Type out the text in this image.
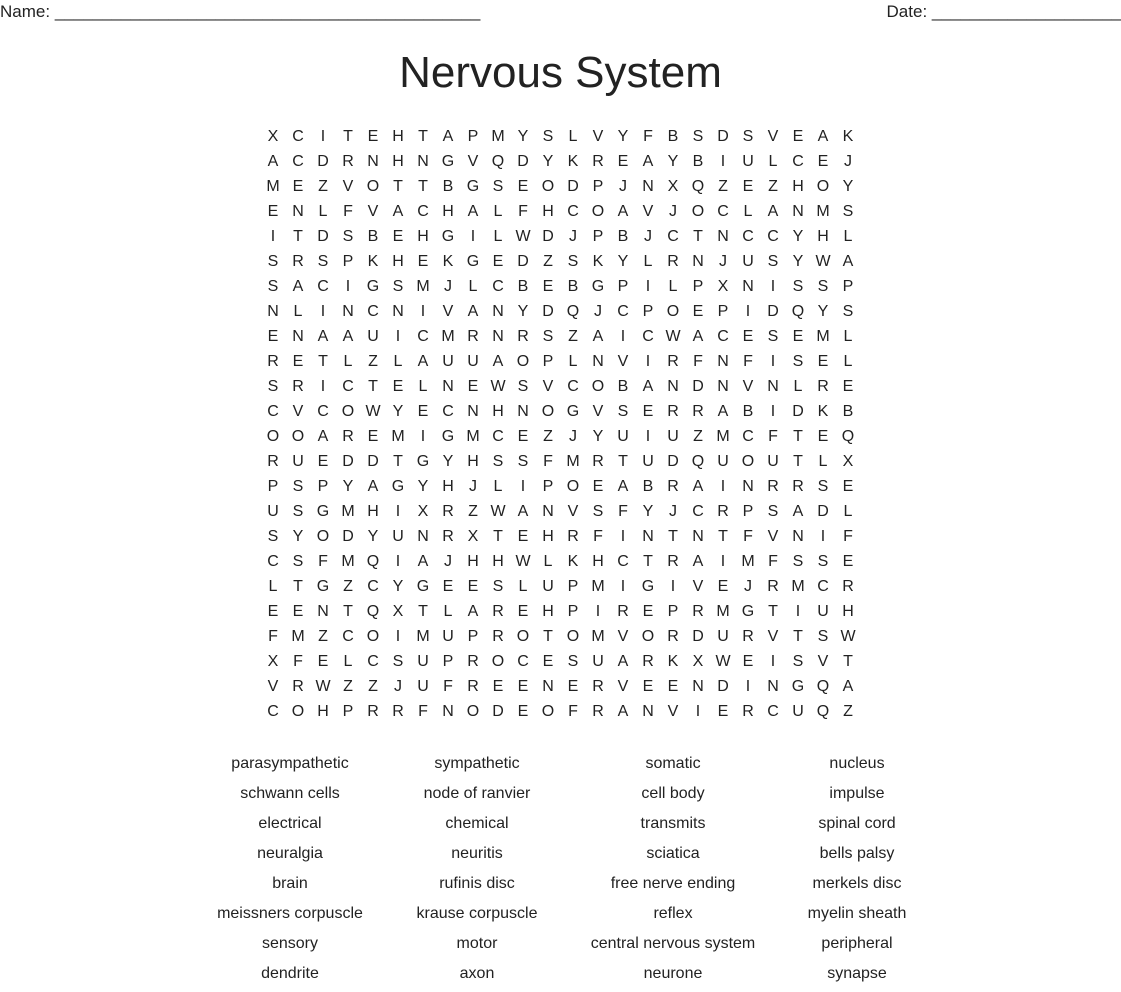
Name: _____________________________________________	Date: ____________________
Nervous System
X C	I	T E H T A P M Y S L V Y F B S D S V E A K
A C D R N H N G V Q D Y K R E A Y B	I	U L C E J
M E Z V O T T B G S E O D P J N X Q Z E Z H O Y
E N L F V A C H A L F H C O A V J O C L A N M S
I	T D S B E H G	I	L W D J P B J C T N C C Y H L
S R S P K H E K G E D Z S K Y L R N J U S Y W A
S A C	I	G S M J	L C B E B G P	I	L P X N	I	S S P
N L	I	N C N	I	V A N Y D Q J C P O E P	I	D Q Y S
E N A A U	I	C M R N R S Z A	I	C W A C E S E M L
R E T L Z L A U U A O P L N V	I	R F N F	I	S E L
S R	I	C T E L N E W S V C O B A N D N V N L R E
C V C O W Y E C N H N O G V S E R R A B	I	D K B
O O A R E M	I	G M C E Z	J Y U	I	U Z M C F T E Q
R U E D D T G Y H S S F M R T U D Q U O U T L X
P S P Y A G Y H J	L	I	P O E A B R A	I	N R R S E
U S G M H	I	X R Z W A N V S F Y J C R P S A D L
S Y O D Y U N R X T E H R F	I	N T N T F V N	I	F
C S F M Q	I	A J H H W L K H C T R A	I	M F S S E
L T G Z C Y G E E S L U P M	I	G	I	V E J R M C R
E E N T Q X T L A R E H P	I	R E P R M G T	I	U H
F M Z C O	I	M U P R O T O M V O R D U R V T S W
X F E L C S U P R O C E S U A R K X W E	I	S V T
V R W Z Z	J U F R E E N E R V E E N D	I	N G Q A
C O H P R R F N O D E O F R A N V	I	E R C U Q Z
parasympathetic	sympathetic	somatic	nucleus
schwann cells	node of ranvier	cell body	impulse
electrical	chemical	transmits	spinal cord
neuralgia	neuritis	sciatica	bells palsy
brain	rufinis disc	free nerve ending	merkels disc
meissners corpuscle	krause corpuscle	reflex	myelin sheath
sensory	motor	central nervous system	peripheral
dendrite	axon	neurone	synapse
